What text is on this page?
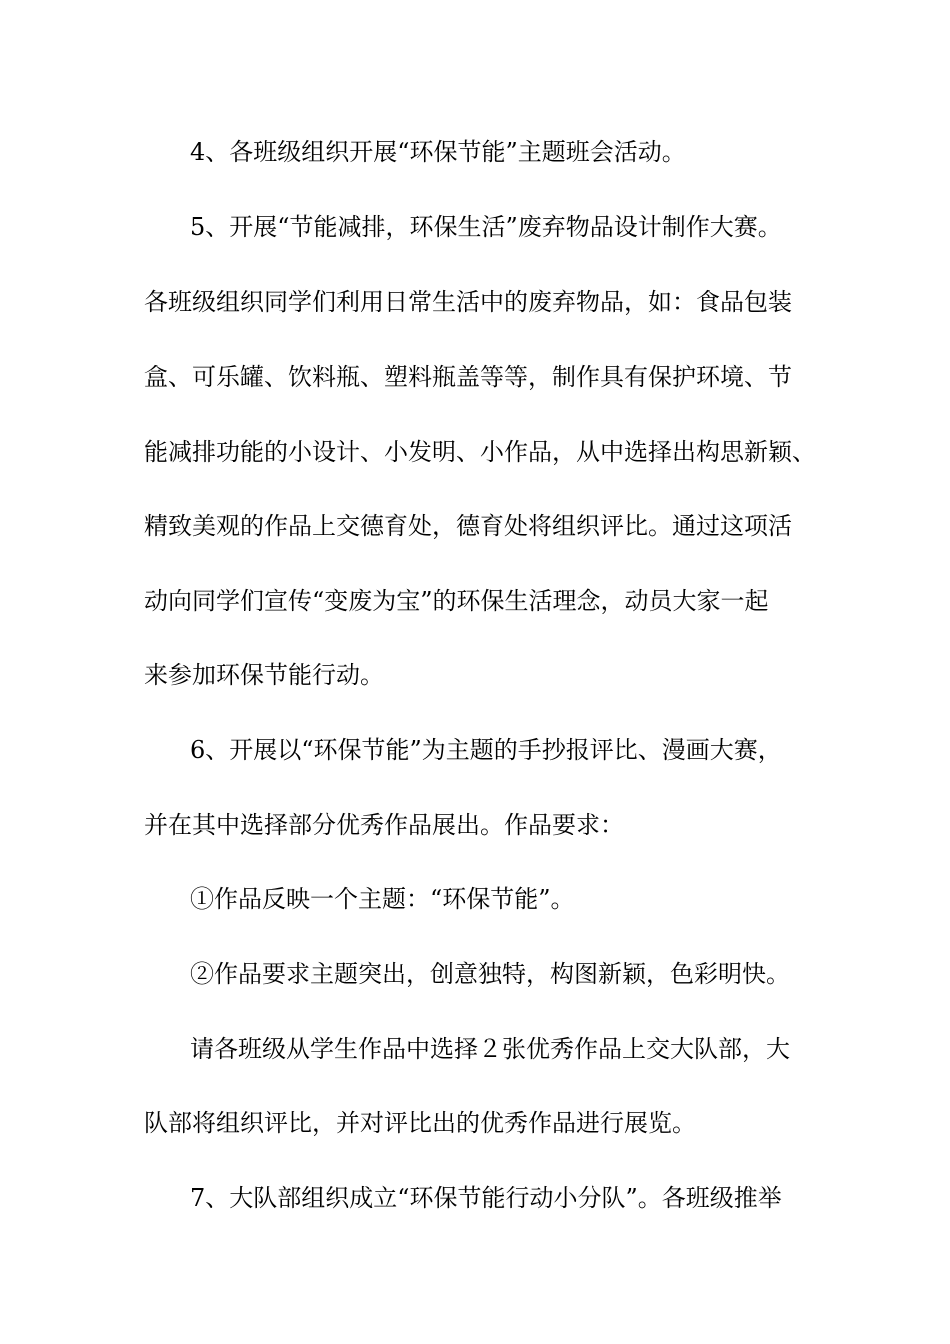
4、各班级组织开展“环保节能”主题班会活动。
5、开展“节能减排，环保生活”废弃物品设计制作大赛。
各班级组织同学们利用日常生活中的废弃物品，如：食品包装
盒、可乐罐、饮料瓶、塑料瓶盖等等，制作具有保护环境、节
能减排功能的小设计、小发明、小作品，从中选择出构思新颖、
精致美观的作品上交德育处，德育处将组织评比。通过这项活
动向同学们宣传“变废为宝”的环保生活理念，动员大家一起
来参加环保节能行动。
6、开展以“环保节能”为主题的手抄报评比、漫画大赛，
并在其中选择部分优秀作品展出。作品要求：
①作品反映一个主题：“环保节能”。
②作品要求主题突出，创意独特，构图新颖，色彩明快。
请各班级从学生作品中选择２张优秀作品上交大队部，大
队部将组织评比，并对评比出的优秀作品进行展览。
7、大队部组织成立“环保节能行动小分队”。各班级推举
